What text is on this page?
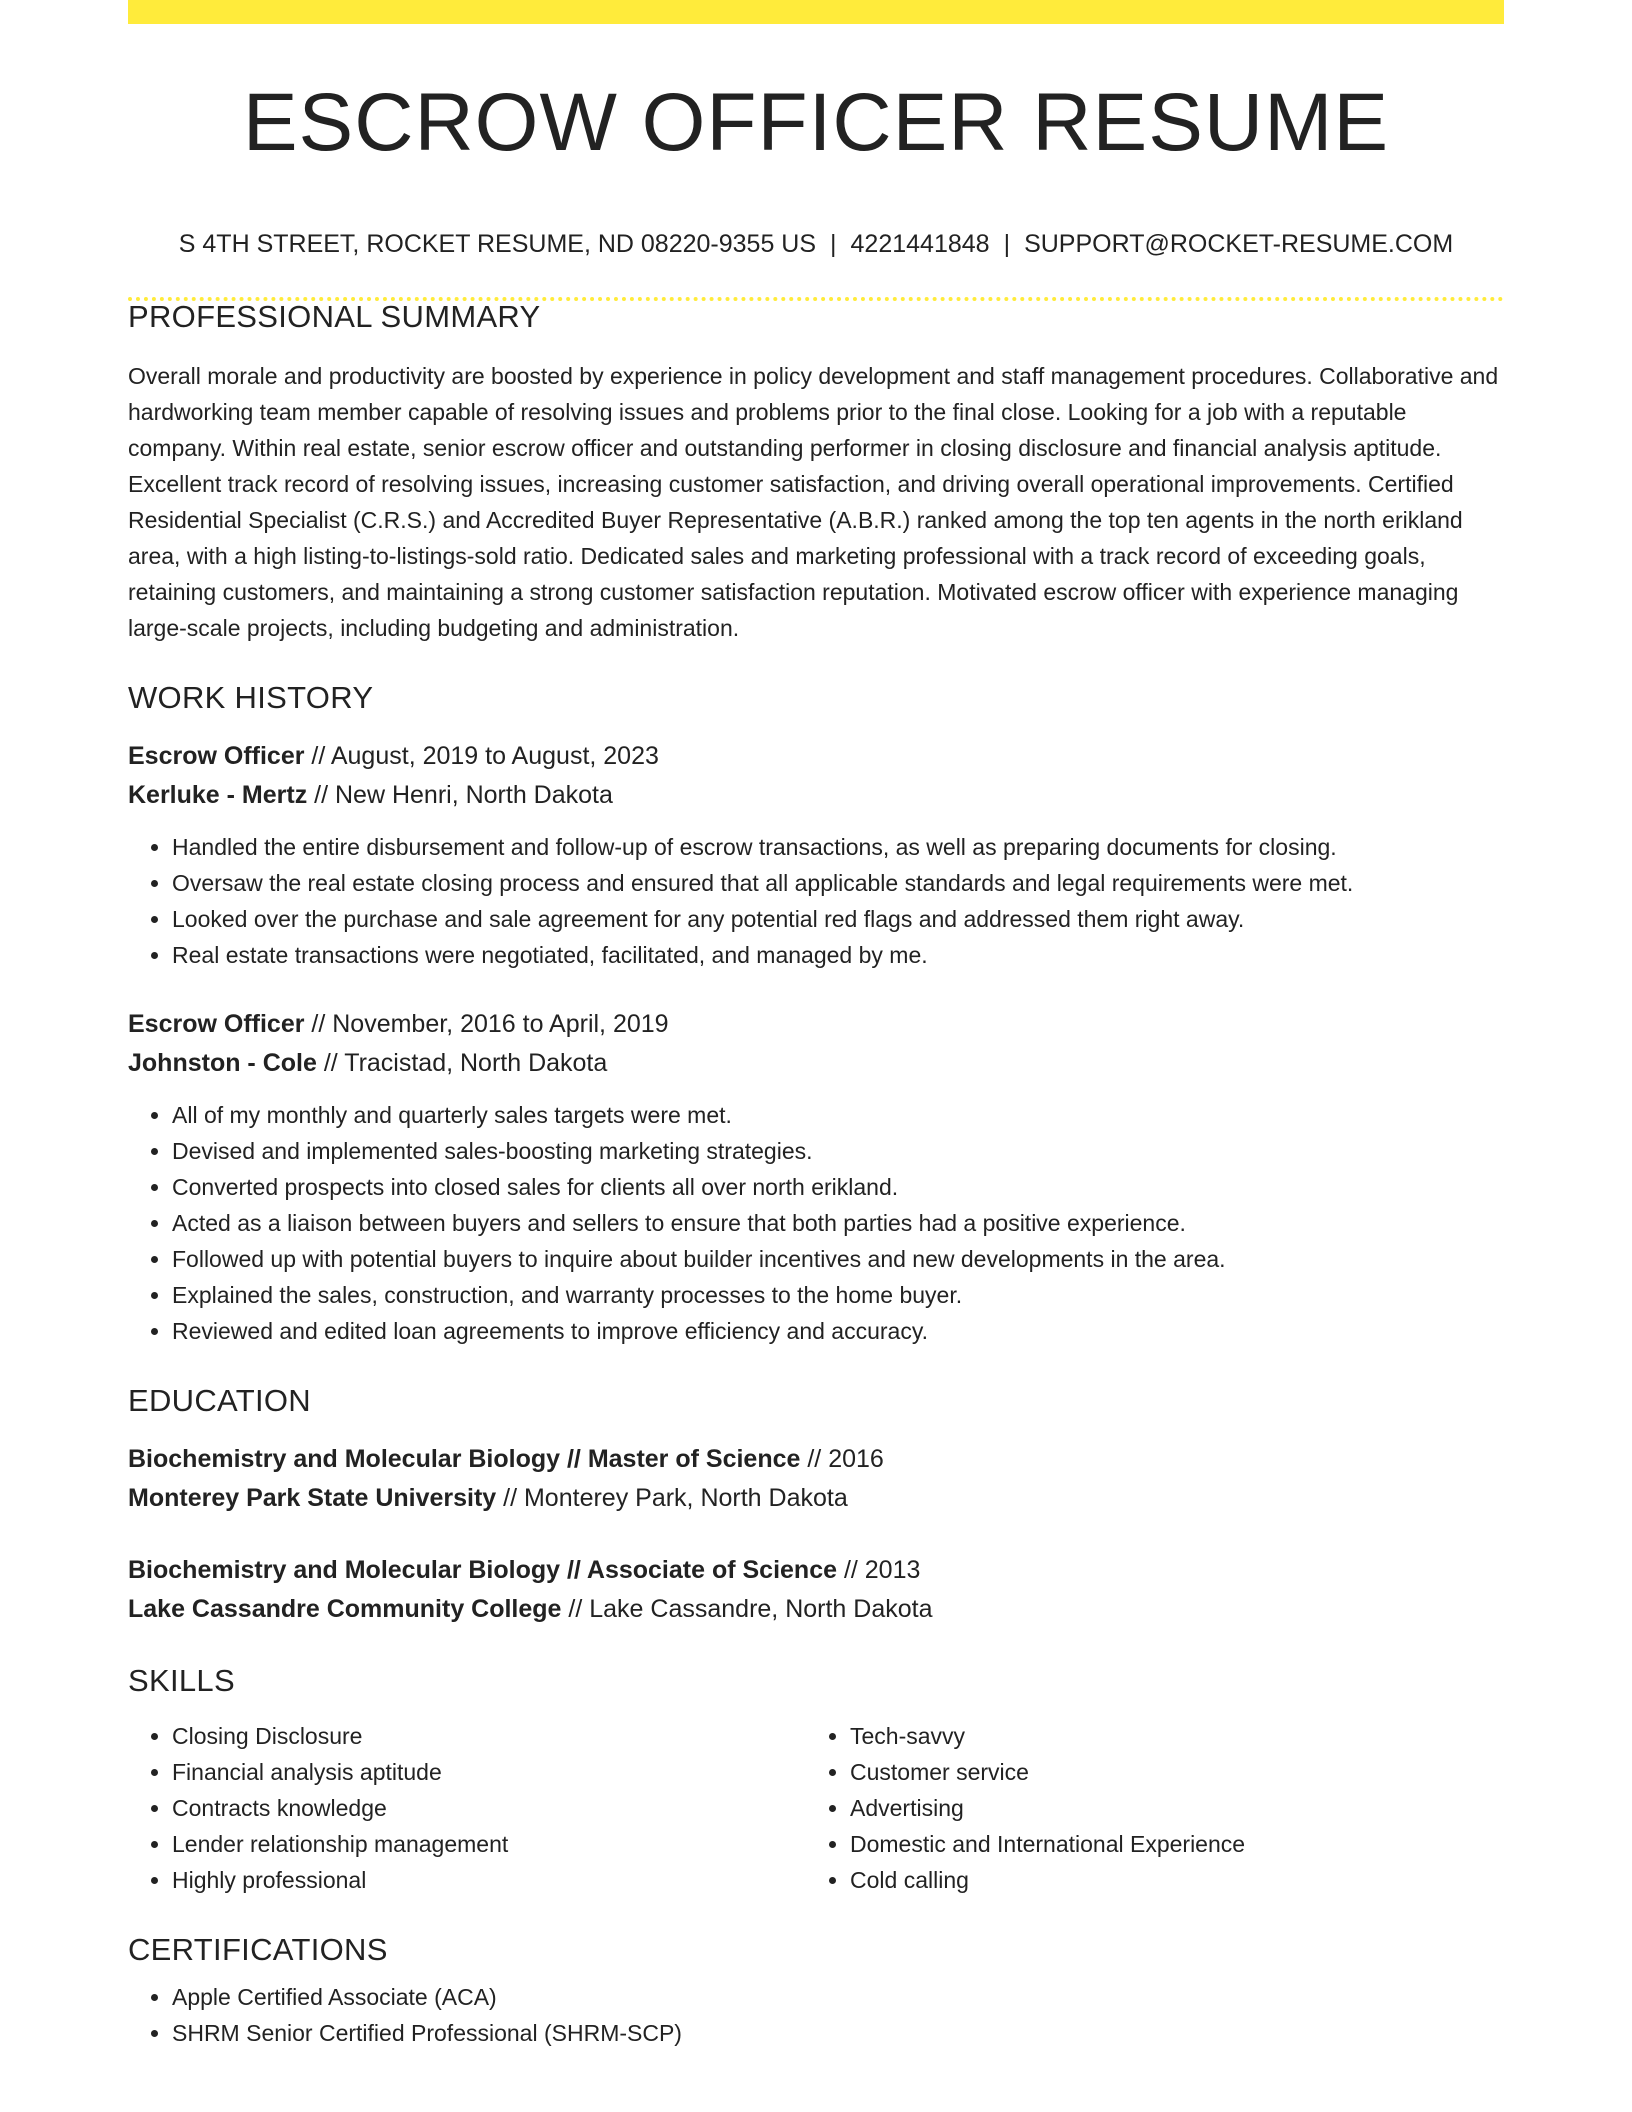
ESCROW OFFICER RESUME
S 4TH STREET, ROCKET RESUME, ND 08220-9355 US | 4221441848 | SUPPORT@ROCKET-RESUME.COM
PROFESSIONAL SUMMARY

Overall morale and productivity are boosted by experience in policy development and staff management procedures. Collaborative and hardworking team member capable of resolving issues and problems prior to the final close. Looking for a job with a reputable company. Within real estate, senior escrow officer and outstanding performer in closing disclosure and financial analysis aptitude. Excellent track record of resolving issues, increasing customer satisfaction, and driving overall operational improvements. Certified Residential Specialist (C.R.S.) and Accredited Buyer Representative (A.B.R.) ranked among the top ten agents in the north erikland area, with a high listing-to-listings-sold ratio. Dedicated sales and marketing professional with a track record of exceeding goals, retaining customers, and maintaining a strong customer satisfaction reputation. Motivated escrow officer with experience managing large-scale projects, including budgeting and administration.

WORK HISTORY

Escrow Officer // August, 2019 to August, 2023

Kerluke - Mertz // New Henri, North Dakota

• Handled the entire disbursement and follow-up of escrow transactions, as well as preparing documents for closing.
• Oversaw the real estate closing process and ensured that all applicable standards and legal requirements were met.
• Looked over the purchase and sale agreement for any potential red flags and addressed them right away.
• Real estate transactions were negotiated, facilitated, and managed by me.

Escrow Officer // November, 2016 to April, 2019

Johnston - Cole // Tracistad, North Dakota

• All of my monthly and quarterly sales targets were met.
• Devised and implemented sales-boosting marketing strategies.
• Converted prospects into closed sales for clients all over north erikland.
• Acted as a liaison between buyers and sellers to ensure that both parties had a positive experience.
• Followed up with potential buyers to inquire about builder incentives and new developments in the area.
• Explained the sales, construction, and warranty processes to the home buyer.
• Reviewed and edited loan agreements to improve efficiency and accuracy.
EDUCATION

Biochemistry and Molecular Biology // Master of Science // 2016

Monterey Park State University // Monterey Park, North Dakota

Biochemistry and Molecular Biology // Associate of Science // 2013

Lake Cassandre Community College // Lake Cassandre, North Dakota

SKILLS
• Closing Disclosure
• Financial analysis aptitude
• Contracts knowledge
• Lender relationship management
• Highly professional
• Tech-savvy
• Customer service
• Advertising
• Domestic and International Experience
• Cold calling
CERTIFICATIONS
• Apple Certified Associate (ACA)
• SHRM Senior Certified Professional (SHRM-SCP)
